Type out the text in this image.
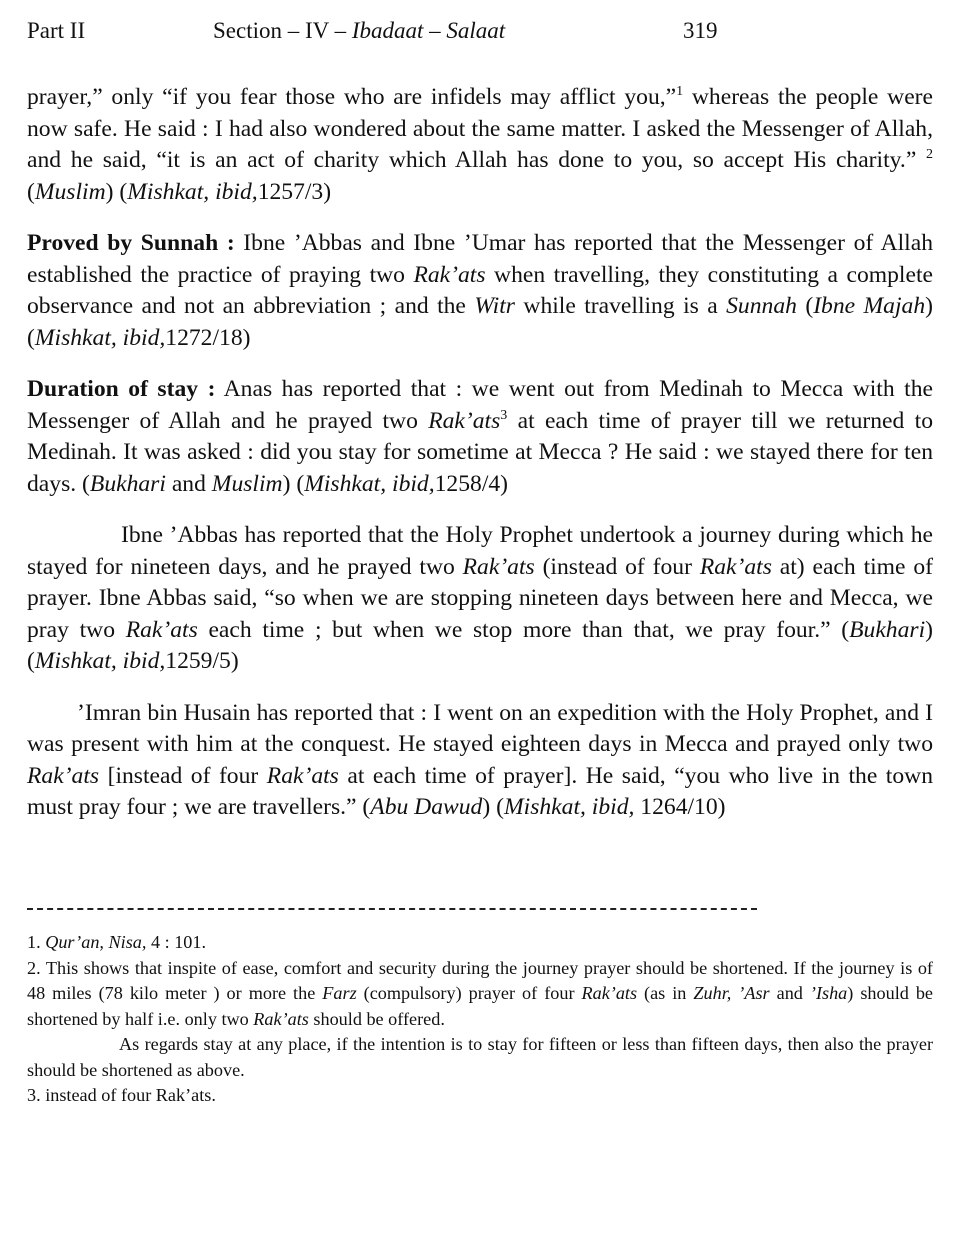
Part II	Section – IV – Ibadaat – Salaat	319

prayer,” only “if you fear those who are infidels may afflict you,”$^1$ whereas the people were now safe. He said : I had also wondered about the same matter. I asked the Messenger of Allah, and he said, “it is an act of charity which Allah has done to you, so accept His charity.” $^2$ (Muslim) (Mishkat, ibid,1257/3)

Proved by Sunnah : Ibne ’Abbas and Ibne ’Umar has reported that the Messenger of Allah established the practice of praying two Rak’ats when travelling, they constituting a complete observance and not an abbreviation ; and the Witr while travelling is a Sunnah (Ibne Majah) (Mishkat, ibid,1272/18)

Duration of stay : Anas has reported that : we went out from Medinah to Mecca with the Messenger of Allah and he prayed two Rak’ats$^3$ at each time of prayer till we returned to Medinah. It was asked : did you stay for sometime at Mecca ? He said : we stayed there for ten days. (Bukhari and Muslim) (Mishkat, ibid,1258/4)

Ibne ’Abbas has reported that the Holy Prophet undertook a journey during which he stayed for nineteen days, and he prayed two Rak’ats (instead of four Rak’ats at) each time of prayer. Ibne Abbas said, “so when we are stopping nineteen days between here and Mecca, we pray two Rak’ats each time ; but when we stop more than that, we pray four.” (Bukhari) (Mishkat, ibid,1259/5)

’Imran bin Husain has reported that : I went on an expedition with the Holy Prophet, and I was present with him at the conquest. He stayed eighteen days in Mecca and prayed only two Rak’ats [instead of four Rak’ats at each time of prayer]. He said, “you who live in the town must pray four ; we are travellers.” (Abu Dawud) (Mishkat, ibid, 1264/10)

1. Qur’an, Nisa, 4 : 101.

2. This shows that inspite of ease, comfort and security during the journey prayer should be shortened. If the journey is of 48 miles (78 kilo meter ) or more the Farz (compulsory) prayer of four Rak’ats (as in Zuhr, ’Asr and ’Isha) should be shortened by half i.e. only two Rak’ats should be offered.

As regards stay at any place, if the intention is to stay for fifteen or less than fifteen days, then also the prayer should be shortened as above.

3. instead of four Rak’ats.
